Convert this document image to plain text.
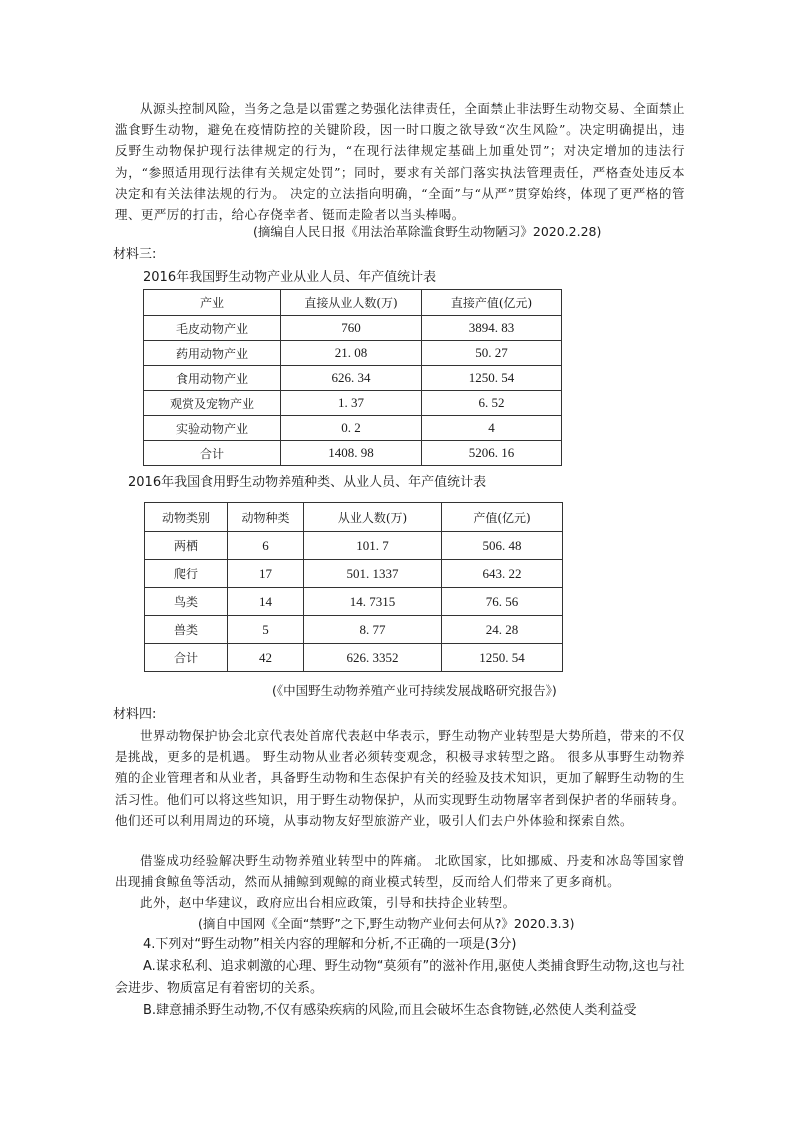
从源头控制风险，当务之急是以雷霆之势强化法律责任，全面禁止非法野生动物交易、全面禁止滥食野生动物，避免在疫情防控的关键阶段，因一时口腹之欲导致“次生风险”。决定明确提出，违反野生动物保护现行法律规定的行为，“在现行法律规定基础上加重处罚”；对决定增加的违法行为，“参照适用现行法律有关规定处罚”；同时，要求有关部门落实执法管理责任，严格查处违反本决定和有关法律法规的行为。 决定的立法指向明确，“全面”与“从严”贯穿始终，体现了更严格的管理、更严厉的打击，给心存侥幸者、铤而走险者以当头棒喝。

(摘编自人民日报《用法治革除滥食野生动物陋习》2020.2.28)

材料三:

2016年我国野生动物产业从业人员、年产值统计表

产业	直接从业人数(万)	直接产值(亿元)
毛皮动物产业	760	3894. 83
药用动物产业	21. 08	50. 27
食用动物产业	626. 34	1250. 54
观赏及宠物产业	1. 37	6. 52
实验动物产业	0. 2	4
合计	1408. 98	5206. 16

2016年我国食用野生动物养殖种类、从业人员、年产值统计表

动物类别	动物种类	从业人数(万)	产值(亿元)
两栖	6	101. 7	506. 48
爬行	17	501. 1337	643. 22
鸟类	14	14. 7315	76. 56
兽类	5	8. 77	24. 28
合计	42	626. 3352	1250. 54

(《中国野生动物养殖产业可持续发展战略研究报告》)

材料四:

世界动物保护协会北京代表处首席代表赵中华表示，野生动物产业转型是大势所趋，带来的不仅是挑战，更多的是机遇。 野生动物从业者必须转变观念，积极寻求转型之路。 很多从事野生动物养殖的企业管理者和从业者，具备野生动物和生态保护有关的经验及技术知识，更加了解野生动物的生活习性。他们可以将这些知识，用于野生动物保护，从而实现野生动物屠宰者到保护者的华丽转身。 他们还可以利用周边的环境，从事动物友好型旅游产业，吸引人们去户外体验和探索自然。

借鉴成功经验解决野生动物养殖业转型中的阵痛。 北欧国家，比如挪威、丹麦和冰岛等国家曾出现捕食鲸鱼等活动，然而从捕鲸到观鲸的商业模式转型，反而给人们带来了更多商机。

此外，赵中华建议，政府应出台相应政策，引导和扶持企业转型。

(摘自中国网《全面“禁野”之下,野生动物产业何去何从?》2020.3.3)

4.下列对“野生动物”相关内容的理解和分析,不正确的一项是(3分)

A.谋求私利、追求刺激的心理、野生动物“莫须有”的滋补作用,驱使人类捕食野生动物,这也与社会进步、物质富足有着密切的关系。

B.肆意捕杀野生动物,不仅有感染疾病的风险,而且会破坏生态食物链,必然使人类利益受
